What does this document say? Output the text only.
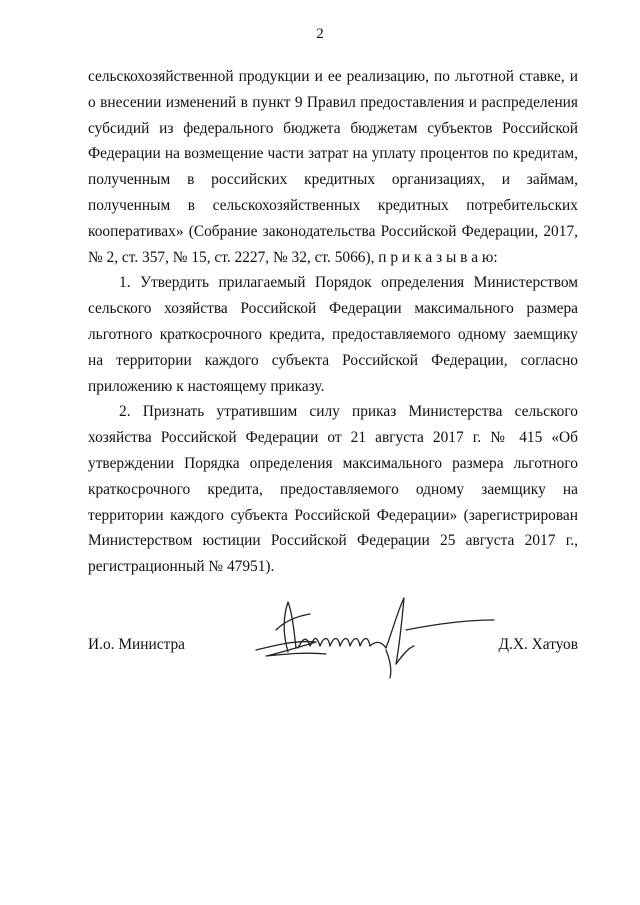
2

сельскохозяйственной продукции и ее реализацию, по льготной ставке, и о внесении изменений в пункт 9 Правил предоставления и распределения субсидий из федерального бюджета бюджетам субъектов Российской Федерации на возмещение части затрат на уплату процентов по кредитам, полученным в российских кредитных организациях, и займам, полученным в сельскохозяйственных кредитных потребительских кооперативах» (Собрание законодательства Российской Федерации, 2017, № 2, ст. 357, № 15, ст. 2227, № 32, ст. 5066), п р и к а з ы в а ю:

1. Утвердить прилагаемый Порядок определения Министерством сельского хозяйства Российской Федерации максимального размера льготного краткосрочного кредита, предоставляемого одному заемщику на территории каждого субъекта Российской Федерации, согласно приложению к настоящему приказу.

2. Признать утратившим силу приказ Министерства сельского хозяйства Российской Федерации от 21 августа 2017 г. № 415 «Об утверждении Порядка определения максимального размера льготного краткосрочного кредита, предоставляемого одному заемщику на территории каждого субъекта Российской Федерации» (зарегистрирован Министерством юстиции Российской Федерации 25 августа 2017 г., регистрационный № 47951).

И.о. Министра	Д.Х. Хатуов
